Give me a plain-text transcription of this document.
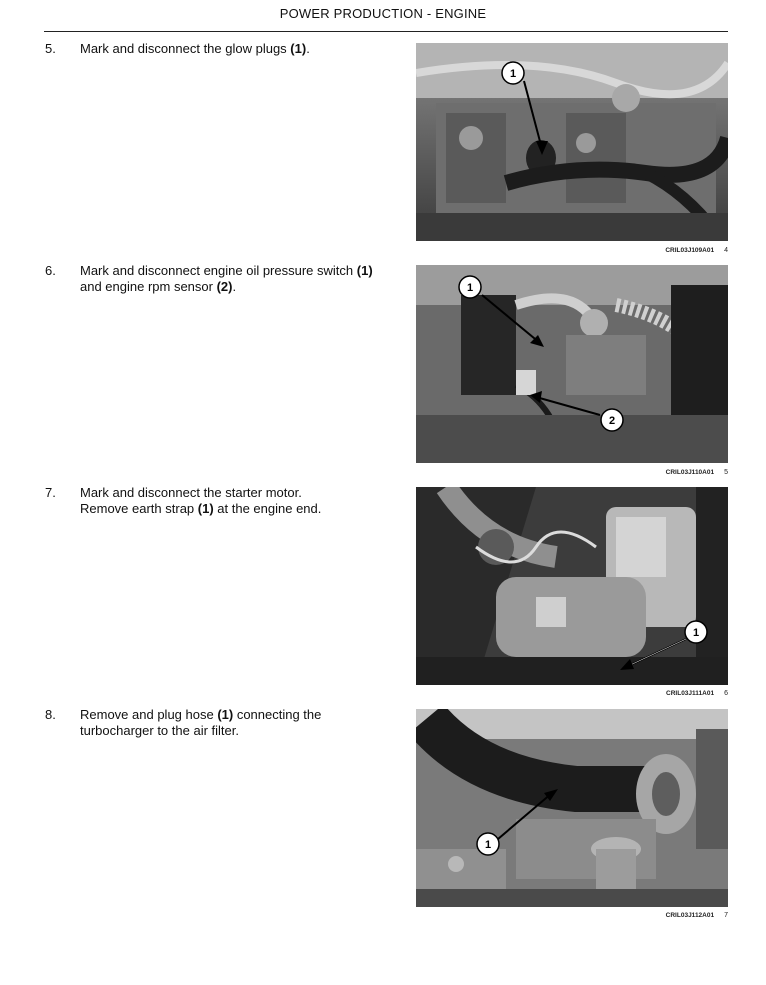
POWER PRODUCTION - ENGINE
5. Mark and disconnect the glow plugs (1).
1
CRIL03J109A01 4
6. Mark and disconnect engine oil pressure switch (1)
and engine rpm sensor (2).	1
2
CRIL03J110A01 5
7. Mark and disconnect the starter motor.
Remove earth strap (1) at the engine end.
1
CRIL03J111A01 6
8. Remove and plug hose (1) connecting the
turbocharger to the air filter.
1
CRIL03J112A01 7
